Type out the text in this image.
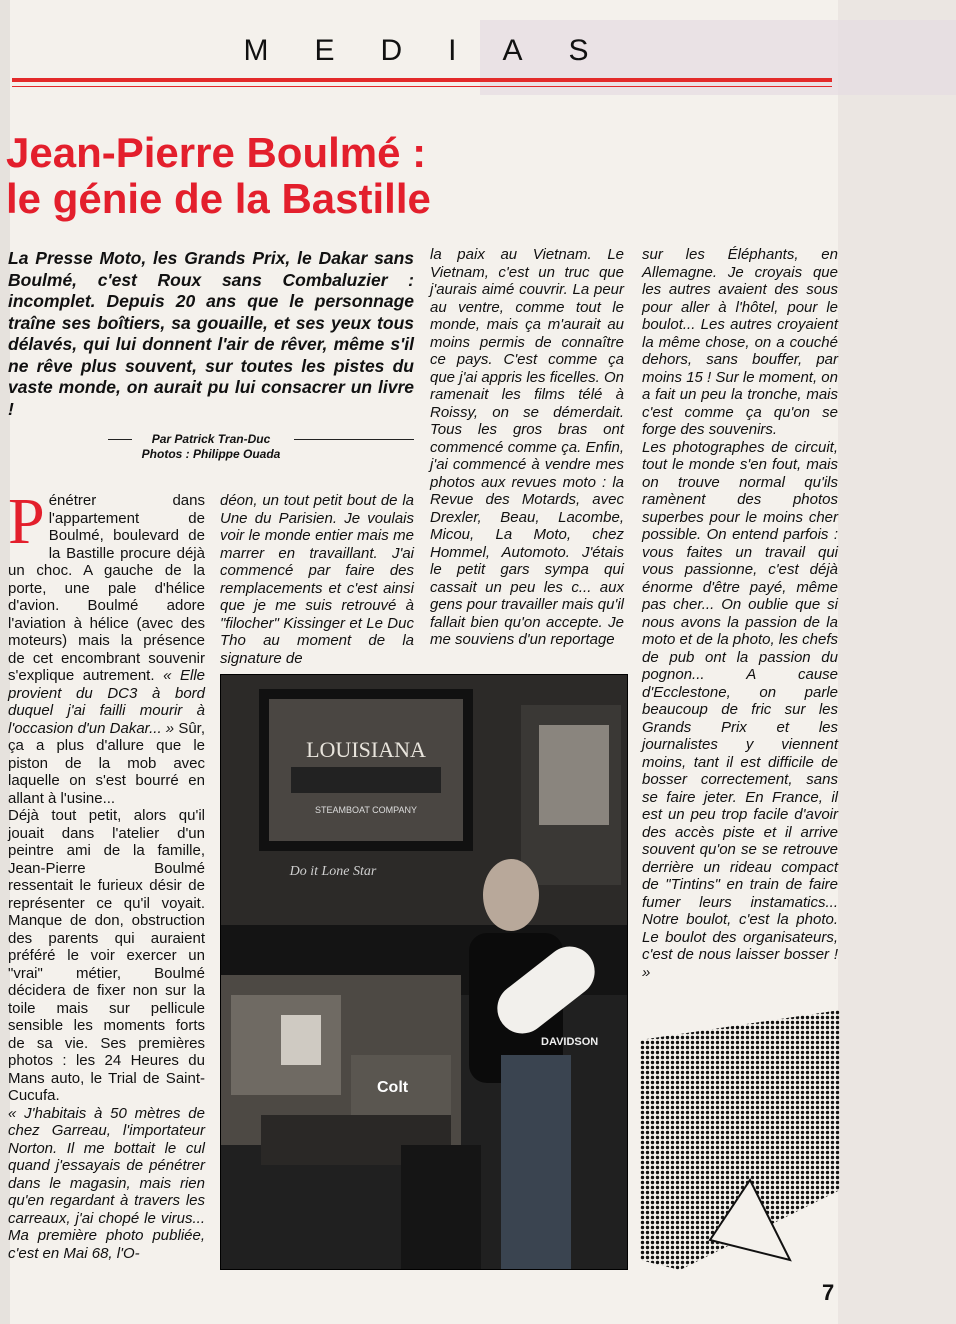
MEDIAS
Jean-Pierre Boulmé :
le génie de la Bastille
La Presse Moto, les Grands Prix, le Dakar sans Boulmé, c'est Roux sans Combaluzier : incomplet. Depuis 20 ans que le personnage traîne ses boîtiers, sa gouaille, et ses yeux tous délavés, qui lui donnent l'air de rêver, même s'il ne rêve plus souvent, sur toutes les pistes du vaste monde, on aurait pu lui consacrer un livre !
Par Patrick Tran-Duc
Photos : Philippe Ouada

Pénétrer dans l'appartement de Boulmé, boulevard de la Bastille procure déjà un choc. A gauche de la porte, une pale d'hélice d'avion. Boulmé adore l'aviation à hélice (avec des moteurs) mais la présence de cet encombrant souvenir s'explique autrement. « Elle provient du DC3 à bord duquel j'ai failli mourir à l'occasion d'un Dakar... » Sûr, ça a plus d'allure que le piston de la mob avec laquelle on s'est bourré en allant à l'usine...

Déjà tout petit, alors qu'il jouait dans l'atelier d'un peintre ami de la famille, Jean-Pierre Boulmé ressentait le furieux désir de représenter ce qu'il voyait. Manque de don, obstruction des parents qui auraient préféré le voir exercer un "vrai" métier, Boulmé décidera de fixer non sur la toile mais sur pellicule sensible les moments forts de sa vie. Ses premières photos : les 24 Heures du Mans auto, le Trial de Saint-Cucufa.

« J'habitais à 50 mètres de chez Garreau, l'importateur Norton. Il me bottait le cul quand j'essayais de pénétrer dans le magasin, mais rien qu'en regardant à travers les carreaux, j'ai chopé le virus... Ma première photo publiée, c'est en Mai 68, l'O-

déon, un tout petit bout de la Une du Parisien. Je voulais voir le monde entier mais me marrer en travaillant. J'ai commencé par faire des remplacements et c'est ainsi que je me suis retrouvé à "filocher" Kissinger et Le Duc Tho au moment de la signature de
la paix au Vietnam. Le Vietnam, c'est un truc que j'aurais aimé couvrir. La peur au ventre, comme tout le monde, mais ça m'aurait au moins permis de connaître ce pays. C'est comme ça que j'ai appris les ficelles. On ramenait les films télé à Roissy, on se démerdait. Tous les gros bras ont commencé comme ça. Enfin, j'ai commencé à vendre mes photos aux revues moto : la Revue des Motards, avec Drexler, Beau, Lacombe, Micou, La Moto, chez Hommel, Automoto. J'étais le petit gars sympa qui cassait un peu les c... aux gens pour travailler mais qu'il fallait bien qu'on accepte. Je me souviens d'un reportage

sur les Éléphants, en Allemagne. Je croyais que les autres avaient des sous pour aller à l'hôtel, pour le boulot... Les autres croyaient la même chose, on a couché dehors, sans bouffer, par moins 15 ! Sur le moment, on a fait un peu la tronche, mais c'est comme ça qu'on se forge des souvenirs.

Les photographes de circuit, tout le monde s'en fout, mais on trouve normal qu'ils ramènent des photos superbes pour le moins cher possible. On entend parfois : vous faites un travail qui vous passionne, c'est déjà énorme d'être payé, même pas cher... On oublie que si nous avons la passion de la moto et de la photo, les chefs de pub ont la passion du pognon... A cause d'Ecclestone, on parle beaucoup de fric sur les Grands Prix et les journalistes y viennent moins, tant il est difficile de bosser correctement, sans se faire jeter. En France, il est un peu trop facile d'avoir des accès piste et il arrive souvent qu'on se se retrouve derrière un rideau compact de "Tintins" en train de faire fumer leurs instamatics... Notre boulot, c'est la photo. Le boulot des organisateurs, c'est de nous laisser bosser ! »

LOUISIANA
STEAMBOAT COMPANY
Do it Lone Star
Colt
DAVIDSON
7
